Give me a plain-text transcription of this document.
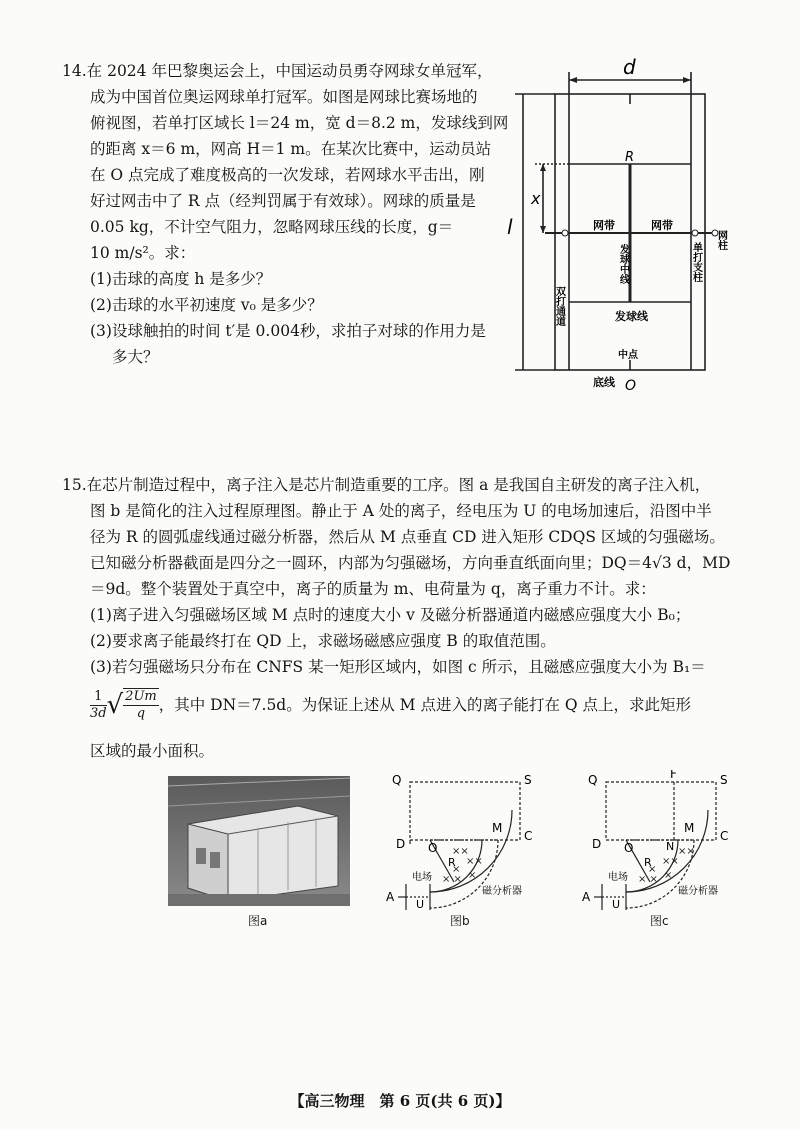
14.在 2024 年巴黎奥运会上，中国运动员勇夺网球女单冠军，
成为中国首位奥运网球单打冠军。如图是网球比赛场地的
俯视图，若单打区域长 l＝24 m，宽 d＝8.2 m，发球线到网
的距离 x＝6 m，网高 H＝1 m。在某次比赛中，运动员站
在 O 点完成了难度极高的一次发球，若网球水平击出，刚
好过网击中了 R 点（经判罚属于有效球）。网球的质量是
0.05 kg，不计空气阻力，忽略网球压线的长度，g＝
10 m/s²。求：
(1)击球的高度 h 是多少？
(2)击球的水平初速度 v₀ 是多少？
(3)设球触拍的时间 t′是 0.004秒，求拍子对球的作用力是
多大？
d
l
x
R
网带	网带
网柱
单打支柱
发球中线
发球线
双打通道
中点
底线 O
15.在芯片制造过程中，离子注入是芯片制造重要的工序。图 a 是我国自主研发的离子注入机，
图 b 是简化的注入过程原理图。静止于 A 处的离子，经电压为 U 的电场加速后，沿图中半
径为 R 的圆弧虚线通过磁分析器，然后从 M 点垂直 CD 进入矩形 CDQS 区域的匀强磁场。
已知磁分析器截面是四分之一圆环，内部为匀强磁场，方向垂直纸面向里；DQ＝4√3 d，MD
＝9d。整个装置处于真空中，离子的质量为 m、电荷量为 q，离子重力不计。求：
(1)离子进入匀强磁场区域 M 点时的速度大小 v 及磁分析器通道内磁感应强度大小 B₀；
(2)要求离子能最终打在 QD 上，求磁场磁感应强度 B 的取值范围。
(3)若匀强磁场只分布在 CNFS 某一矩形区域内，如图 c 所示，且磁感应强度大小为 B₁＝
$\frac{1}{3d}$ √ $\frac{2Um}{q}$ ，其中 DN＝7.5d。为保证上述从 M 点进入的离子能打在 Q 点上，求此矩形
区域的最小面积。
图a
××
××
×
× × ×
Q	S
D
C
O
M
R
A
U
电场
磁分析器
图b
××
××
×
× × ×
Q	S
F
D
C
O
M
N
R
A
U
电场
磁分析器
图c
【高三物理　第 6 页(共 6 页)】
